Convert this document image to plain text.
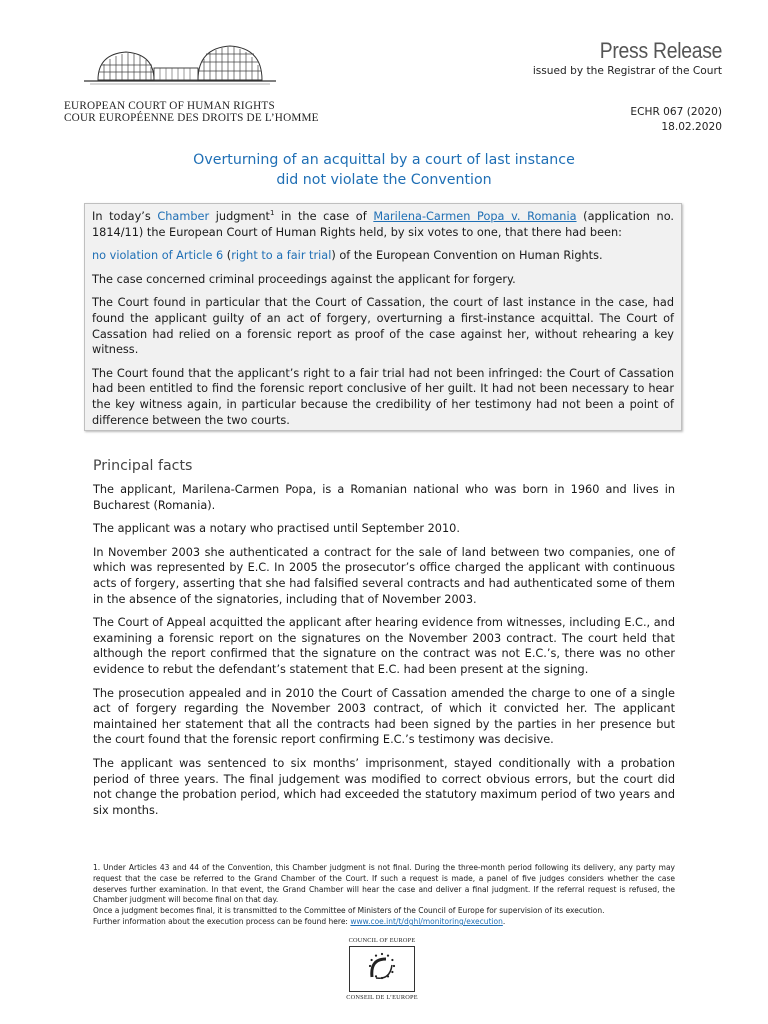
EUROPEAN COURT OF HUMAN RIGHTS
COUR EUROPÉENNE DES DROITS DE L’HOMME
Press Release
issued by the Registrar of the Court
ECHR 067 (2020)
18.02.2020
Overturning of an acquittal by a court of last instance
did not violate the Convention

In today’s Chamber judgment$^1$ in the case of Marilena-Carmen Popa v. Romania (application no. 1814/11) the European Court of Human Rights held, by six votes to one, that there had been:

no violation of Article 6 (right to a fair trial) of the European Convention on Human Rights.

The case concerned criminal proceedings against the applicant for forgery.

The Court found in particular that the Court of Cassation, the court of last instance in the case, had found the applicant guilty of an act of forgery, overturning a first-instance acquittal. The Court of Cassation had relied on a forensic report as proof of the case against her, without rehearing a key witness.

The Court found that the applicant’s right to a fair trial had not been infringed: the Court of Cassation had been entitled to find the forensic report conclusive of her guilt. It had not been necessary to hear the key witness again, in particular because the credibility of her testimony had not been a point of difference between the two courts.

Principal facts

The applicant, Marilena-Carmen Popa, is a Romanian national who was born in 1960 and lives in Bucharest (Romania).

The applicant was a notary who practised until September 2010.

In November 2003 she authenticated a contract for the sale of land between two companies, one of which was represented by E.C. In 2005 the prosecutor’s office charged the applicant with continuous acts of forgery, asserting that she had falsified several contracts and had authenticated some of them in the absence of the signatories, including that of November 2003.

The Court of Appeal acquitted the applicant after hearing evidence from witnesses, including E.C., and examining a forensic report on the signatures on the November 2003 contract. The court held that although the report confirmed that the signature on the contract was not E.C.’s, there was no other evidence to rebut the defendant’s statement that E.C. had been present at the signing.

The prosecution appealed and in 2010 the Court of Cassation amended the charge to one of a single act of forgery regarding the November 2003 contract, of which it convicted her. The applicant maintained her statement that all the contracts had been signed by the parties in her presence but the court found that the forensic report confirming E.C.’s testimony was decisive.

The applicant was sentenced to six months’ imprisonment, stayed conditionally with a probation period of three years. The final judgement was modified to correct obvious errors, but the court did not change the probation period, which had exceeded the statutory maximum period of two years and six months.

1. Under Articles 43 and 44 of the Convention, this Chamber judgment is not final. During the three-month period following its delivery, any party may request that the case be referred to the Grand Chamber of the Court. If such a request is made, a panel of five judges considers whether the case deserves further examination. In that event, the Grand Chamber will hear the case and deliver a final judgment. If the referral request is refused, the Chamber judgment will become final on that day.

Once a judgment becomes final, it is transmitted to the Committee of Ministers of the Council of Europe for supervision of its execution.

Further information about the execution process can be found here: www.coe.int/t/dghl/monitoring/execution.

COUNCIL OF EUROPE
CONSEIL DE L’EUROPE
